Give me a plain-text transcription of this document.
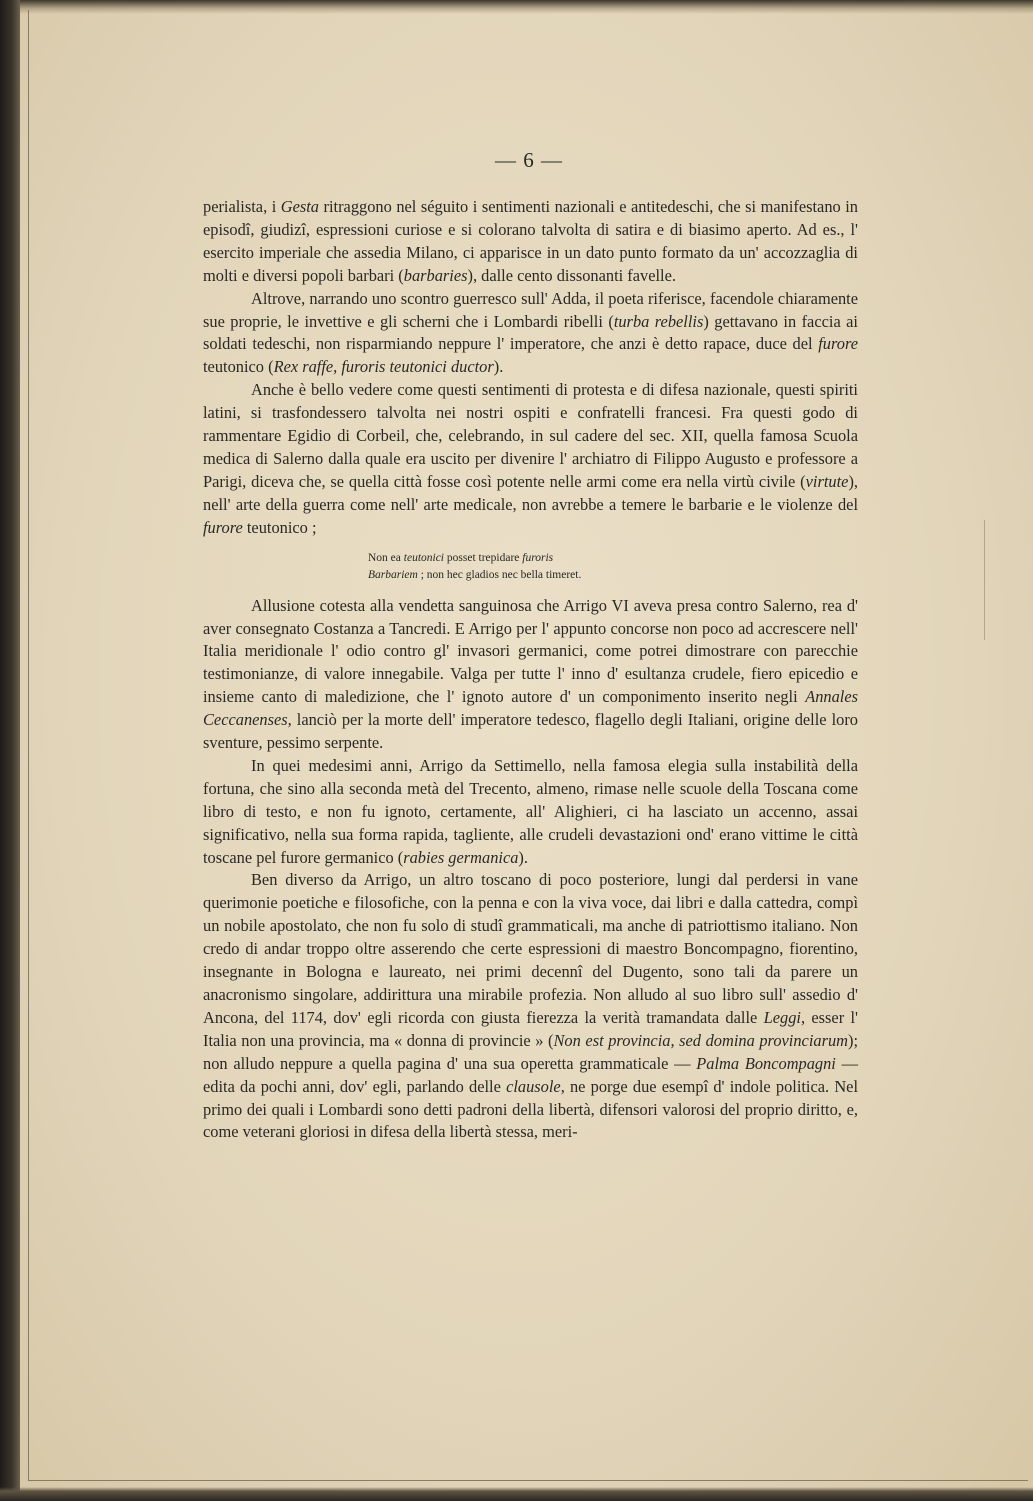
— 6 —

perialista, i Gesta ritraggono nel séguito i sentimenti nazionali e antitedeschi, che si manifestano in episodî, giudizî, espressioni curiose e si colorano talvolta di satira e di biasimo aperto. Ad es., l' esercito imperiale che assedia Milano, ci apparisce in un dato punto formato da un' accozzaglia di molti e diversi popoli barbari (barbaries), dalle cento dissonanti favelle.

Altrove, narrando uno scontro guerresco sull' Adda, il poeta riferisce, facendole chiaramente sue proprie, le invettive e gli scherni che i Lombardi ribelli (turba rebellis) gettavano in faccia ai soldati tedeschi, non risparmiando neppure l' imperatore, che anzi è detto rapace, duce del furore teutonico (Rex raffe, furoris teutonici ductor).

Anche è bello vedere come questi sentimenti di protesta e di difesa nazionale, questi spiriti latini, si trasfondessero talvolta nei nostri ospiti e confratelli francesi. Fra questi godo di rammentare Egidio di Corbeil, che, celebrando, in sul cadere del sec. XII, quella famosa Scuola medica di Salerno dalla quale era uscito per divenire l' archiatro di Filippo Augusto e professore a Parigi, diceva che, se quella città fosse così potente nelle armi come era nella virtù civile (virtute), nell' arte della guerra come nell' arte medicale, non avrebbe a temere le barbarie e le violenze del furore teutonico ;

Non ea teutonici posset trepidare furoris
Barbariem ; non hec gladios nec bella timeret.

Allusione cotesta alla vendetta sanguinosa che Arrigo VI aveva presa contro Salerno, rea d' aver consegnato Costanza a Tancredi. E Arrigo per l' appunto concorse non poco ad accrescere nell' Italia meridionale l' odio contro gl' invasori germanici, come potrei dimostrare con parecchie testimonianze, di valore innegabile. Valga per tutte l' inno d' esultanza crudele, fiero epicedio e insieme canto di maledizione, che l' ignoto autore d' un componimento inserito negli Annales Ceccanenses, lanciò per la morte dell' imperatore tedesco, flagello degli Italiani, origine delle loro sventure, pessimo serpente.

In quei medesimi anni, Arrigo da Settimello, nella famosa elegia sulla instabilità della fortuna, che sino alla seconda metà del Trecento, almeno, rimase nelle scuole della Toscana come libro di testo, e non fu ignoto, certamente, all' Alighieri, ci ha lasciato un accenno, assai significativo, nella sua forma rapida, tagliente, alle crudeli devastazioni ond' erano vittime le città toscane pel furore germanico (rabies germanica).

Ben diverso da Arrigo, un altro toscano di poco posteriore, lungi dal perdersi in vane querimonie poetiche e filosofiche, con la penna e con la viva voce, dai libri e dalla cattedra, compì un nobile apostolato, che non fu solo di studî grammaticali, ma anche di patriottismo italiano. Non credo di andar troppo oltre asserendo che certe espressioni di maestro Boncompagno, fiorentino, insegnante in Bologna e laureato, nei primi decennî del Dugento, sono tali da parere un anacronismo singolare, addirittura una mirabile profezia. Non alludo al suo libro sull' assedio d' Ancona, del 1174, dov' egli ricorda con giusta fierezza la verità tramandata dalle Leggi, esser l' Italia non una provincia, ma « donna di provincie » (Non est provincia, sed domina provinciarum); non alludo neppure a quella pagina d' una sua operetta grammaticale — Palma Boncompagni — edita da pochi anni, dov' egli, parlando delle clausole, ne porge due esempî d' indole politica. Nel primo dei quali i Lombardi sono detti padroni della libertà, difensori valorosi del proprio diritto, e, come veterani gloriosi in difesa della libertà stessa, meri-
